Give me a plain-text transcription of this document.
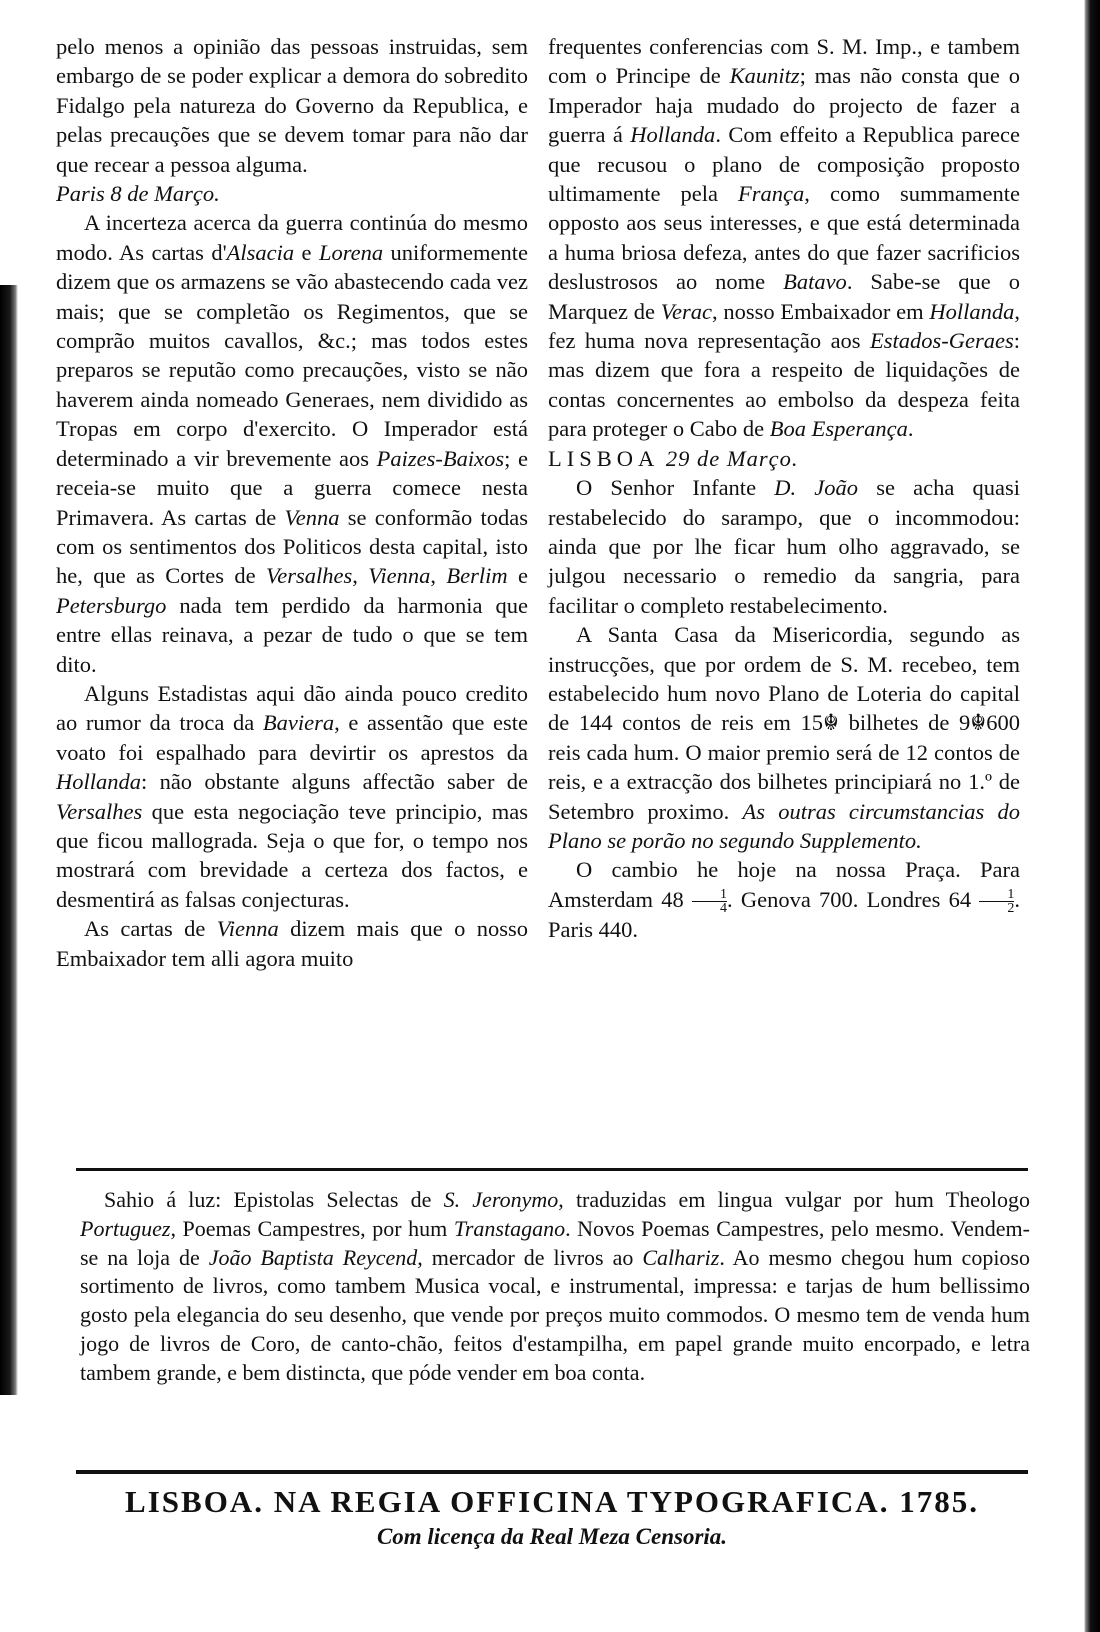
pelo menos a opinião das pessoas instruidas, sem embargo de se poder explicar a demora do sobredito Fidalgo pela natureza do Governo da Republica, e pelas precauções que se devem tomar para não dar que recear a pessoa alguma.

Paris 8 de Março.

A incerteza acerca da guerra continúa do mesmo modo. As cartas d'Alsacia e Lorena uniformemente dizem que os armazens se vão abastecendo cada vez mais; que se completão os Regimentos, que se comprão muitos cavallos, &c.; mas todos estes preparos se reputão como precauções, visto se não haverem ainda nomeado Generaes, nem dividido as Tropas em corpo d'exercito. O Imperador está determinado a vir brevemente aos Paizes-Baixos; e receia-se muito que a guerra comece nesta Primavera. As cartas de Venna se conformão todas com os sentimentos dos Politicos desta capital, isto he, que as Cortes de Versalhes, Vienna, Berlim e Petersburgo nada tem perdido da harmonia que entre ellas reinava, a pezar de tudo o que se tem dito.

Alguns Estadistas aqui dão ainda pouco credito ao rumor da troca da Baviera, e assentão que este voato foi espalhado para devirtir os aprestos da Hollanda: não obstante alguns affectão saber de Versalhes que esta negociação teve principio, mas que ficou mallograda. Seja o que for, o tempo nos mostrará com brevidade a certeza dos factos, e desmentirá as falsas conjecturas.

As cartas de Vienna dizem mais que o nosso Embaixador tem alli agora muito

frequentes conferencias com S. M. Imp., e tambem com o Principe de Kaunitz; mas não consta que o Imperador haja mudado do projecto de fazer a guerra á Hollanda. Com effeito a Republica parece que recusou o plano de composição proposto ultimamente pela França, como summamente opposto aos seus interesses, e que está determinada a huma briosa defeza, antes do que fazer sacrificios deslustrosos ao nome Batavo. Sabe-se que o Marquez de Verac, nosso Embaixador em Hollanda, fez huma nova representação aos Estados-Geraes: mas dizem que fora a respeito de liquidações de contas concernentes ao embolso da despeza feita para proteger o Cabo de Boa Esperança.

LISBOA 29 de Março.

O Senhor Infante D. João se acha quasi restabelecido do sarampo, que o incommodou: ainda que por lhe ficar hum olho aggravado, se julgou necessario o remedio da sangria, para facilitar o completo restabelecimento.

A Santa Casa da Misericordia, segundo as instrucções, que por ordem de S. M. recebeo, tem estabelecido hum novo Plano de Loteria do capital de 144 contos de reis em 15☬ bilhetes de 9☬600 reis cada hum. O maior premio será de 12 contos de reis, e a extracção dos bilhetes principiará no 1.º de Setembro proximo. As outras circumstancias do Plano se porão no segundo Supplemento.

O cambio he hoje na nossa Praça. Para Amsterdam $48 \frac{1}{4}$ . Genova 700. Londres $64 \frac{1}{2}$ . Paris 440.

Sahio á luz: Epistolas Selectas de S. Jeronymo, traduzidas em lingua vulgar por hum Theologo Portuguez, Poemas Campestres, por hum Transtagano. Novos Poemas Campestres, pelo mesmo. Vendem-se na loja de João Baptista Reycend, mercador de livros ao Calhariz. Ao mesmo chegou hum copioso sortimento de livros, como tambem Musica vocal, e instrumental, impressa: e tarjas de hum bellissimo gosto pela elegancia do seu desenho, que vende por preços muito commodos. O mesmo tem de venda hum jogo de livros de Coro, de canto-chão, feitos d'estampilha, em papel grande muito encorpado, e letra tambem grande, e bem distincta, que póde vender em boa conta.

LISBOA. NA REGIA OFFICINA TYPOGRAFICA. 1785.
Com licença da Real Meza Censoria.
